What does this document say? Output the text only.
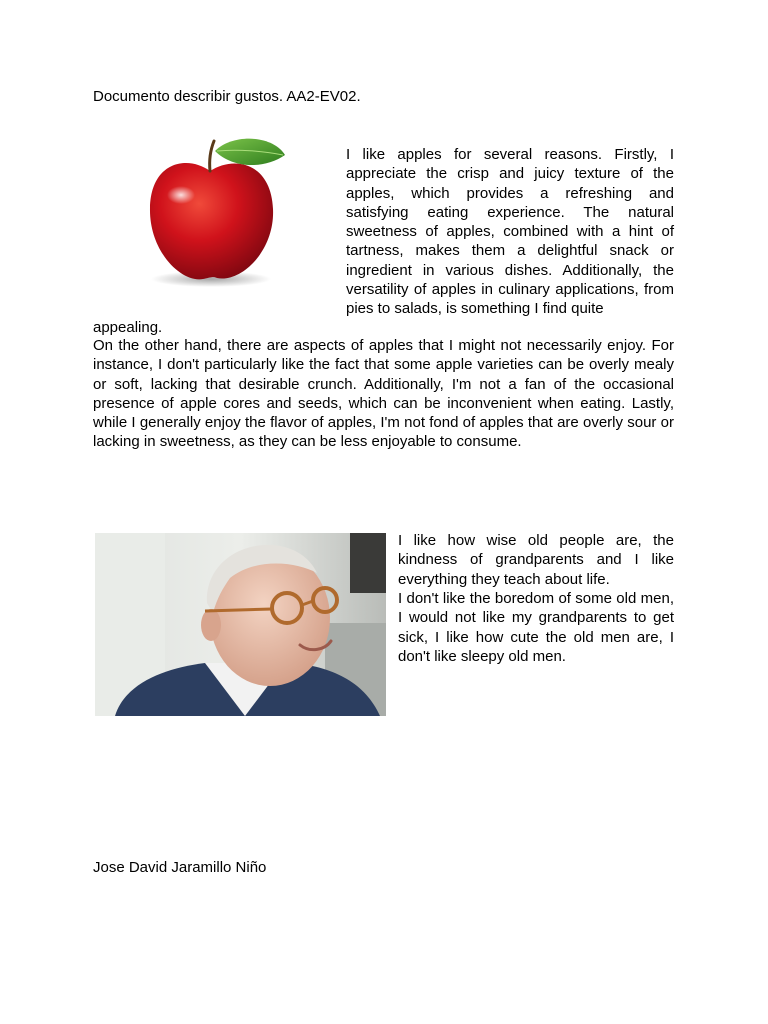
Documento describir gustos. AA2-EV02.

I like apples for several reasons. Firstly, I appreciate the crisp and juicy texture of the apples, which provides a refreshing and satisfying eating experience. The natural sweetness of apples, combined with a hint of tartness, makes them a delightful snack or ingredient in various dishes. Additionally, the versatility of apples in culinary applications, from pies to salads, is something I find quite

appealing.

On the other hand, there are aspects of apples that I might not necessarily enjoy. For instance, I don't particularly like the fact that some apple varieties can be overly mealy or soft, lacking that desirable crunch. Additionally, I'm not a fan of the occasional presence of apple cores and seeds, which can be inconvenient when eating. Lastly, while I generally enjoy the flavor of apples, I'm not fond of apples that are overly sour or lacking in sweetness, as they can be less enjoyable to consume.

I like how wise old people are, the kindness of grandparents and I like everything they teach about life.

I don't like the boredom of some old men, I would not like my grandparents to get sick, I like how cute the old men are, I don't like sleepy old men.

Jose David Jaramillo Niño
